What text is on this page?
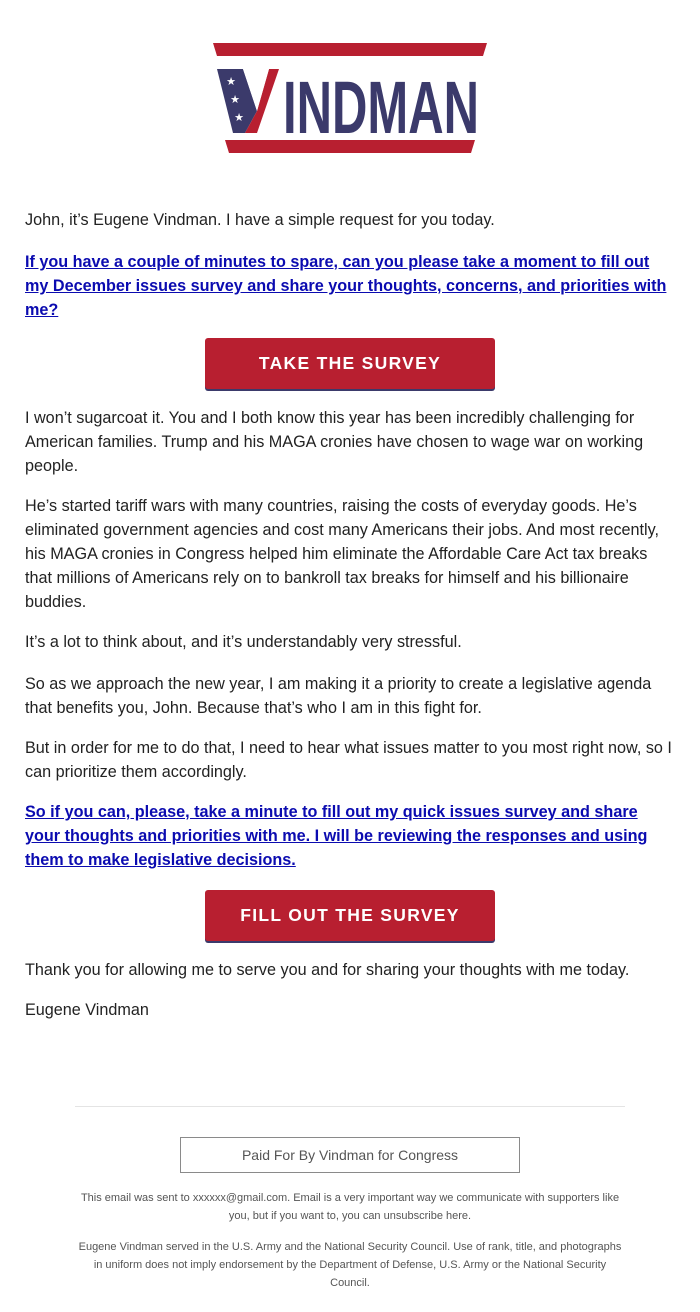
★
★
★ INDMAN

John, it’s Eugene Vindman. I have a simple request for you today.

If you have a couple of minutes to spare, can you please take a moment to fill out my December issues survey and share your thoughts, concerns, and priorities with me?
TAKE THE SURVEY

I won’t sugarcoat it. You and I both know this year has been incredibly challenging for American families. Trump and his MAGA cronies have chosen to wage war on working people.

He’s started tariff wars with many countries, raising the costs of everyday goods. He’s eliminated government agencies and cost many Americans their jobs. And most recently, his MAGA cronies in Congress helped him eliminate the Affordable Care Act tax breaks that millions of Americans rely on to bankroll tax breaks for himself and his billionaire buddies.

It’s a lot to think about, and it’s understandably very stressful.

So as we approach the new year, I am making it a priority to create a legislative agenda that benefits you, John. Because that’s who I am in this fight for.

But in order for me to do that, I need to hear what issues matter to you most right now, so I can prioritize them accordingly.

So if you can, please, take a minute to fill out my quick issues survey and share your thoughts and priorities with me. I will be reviewing the responses and using them to make legislative decisions.
FILL OUT THE SURVEY

Thank you for allowing me to serve you and for sharing your thoughts with me today.

Eugene Vindman

Paid For By Vindman for Congress

This email was sent to xxxxxx@gmail.com. Email is a very important way we communicate with supporters like you, but if you want to, you can unsubscribe here.

Eugene Vindman served in the U.S. Army and the National Security Council. Use of rank, title, and photographs in uniform does not imply endorsement by the Department of Defense, U.S. Army or the National Security Council.
